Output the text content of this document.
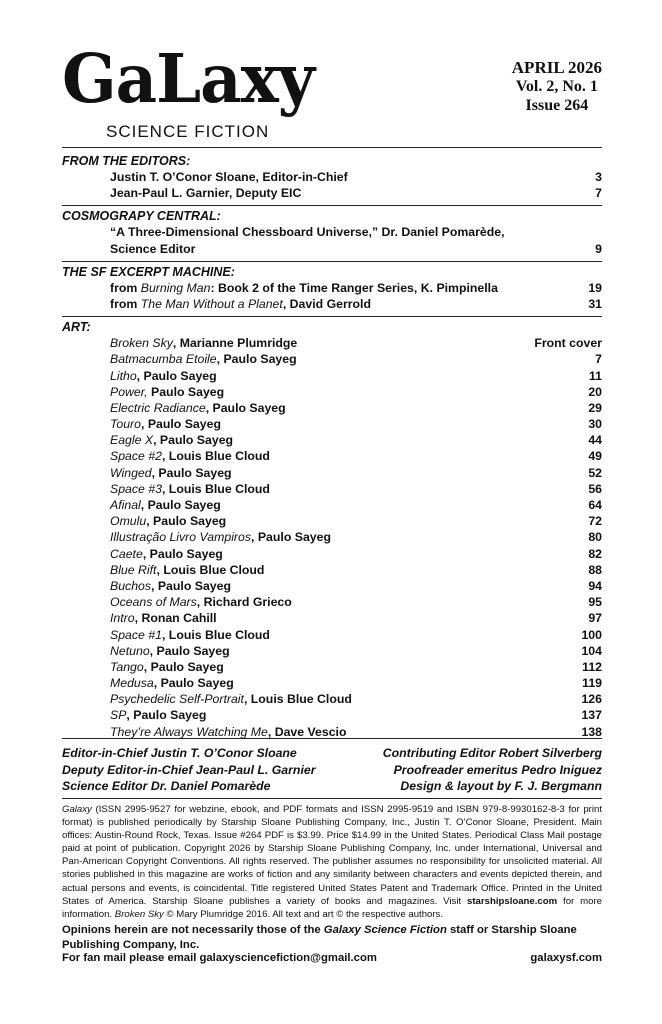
GaLaxy
SCIENCE FICTION
APRIL 2026
Vol. 2, No. 1
Issue 264
FROM THE EDITORS:
Justin T. O’Conor Sloane, Editor-in-Chief	3
Jean-Paul L. Garnier, Deputy EIC	7
COSMOGRAPY CENTRAL:
“A Three-Dimensional Chessboard Universe,” Dr. Daniel Pomarède,
Science Editor	9
THE SF EXCERPT MACHINE:
from Burning Man: Book 2 of the Time Ranger Series, K. Pimpinella	19
from The Man Without a Planet, David Gerrold	31
ART:
Broken Sky, Marianne Plumridge	Front cover
Batmacumba Etoile, Paulo Sayeg	7
Litho, Paulo Sayeg	11
Power, Paulo Sayeg	20
Electric Radiance, Paulo Sayeg	29
Touro, Paulo Sayeg	30
Eagle X, Paulo Sayeg	44
Space #2, Louis Blue Cloud	49
Winged, Paulo Sayeg	52
Space #3, Louis Blue Cloud	56
Afinal, Paulo Sayeg	64
Omulu, Paulo Sayeg	72
Illustração Livro Vampiros, Paulo Sayeg	80
Caete, Paulo Sayeg	82
Blue Rift, Louis Blue Cloud	88
Buchos, Paulo Sayeg	94
Oceans of Mars, Richard Grieco	95
Intro, Ronan Cahill	97
Space #1, Louis Blue Cloud	100
Netuno, Paulo Sayeg	104
Tango, Paulo Sayeg	112
Medusa, Paulo Sayeg	119
Psychedelic Self-Portrait, Louis Blue Cloud	126
SP, Paulo Sayeg	137
They’re Always Watching Me, Dave Vescio	138
Editor-in-Chief Justin T. O’Conor Sloane
Deputy Editor-in-Chief Jean-Paul L. Garnier
Science Editor Dr. Daniel Pomarède
Contributing Editor Robert Silverberg
Proofreader emeritus Pedro Iniguez
Design & layout by F. J. Bergmann
Galaxy (ISSN 2995-9527 for webzine, ebook, and PDF formats and ISSN 2995-9519 and ISBN 979-8-9930162-8-3 for print format) is published periodically by Starship Sloane Publishing Company, Inc., Justin T. O’Conor Sloane, President. Main offices: Austin-Round Rock, Texas. Issue #264 PDF is $3.99. Price $14.99 in the United States. Periodical Class Mail postage paid at point of publication. Copyright 2026 by Starship Sloane Publishing Company, Inc. under International, Universal and Pan-American Copyright Conventions. All rights reserved. The publisher assumes no responsibility for unsolicited material. All stories published in this magazine are works of fiction and any similarity between characters and events depicted therein, and actual persons and events, is coincidental. Title registered United States Patent and Trademark Office. Printed in the United States of America. Starship Sloane publishes a variety of books and magazines. Visit starshipsloane.com for more information. Broken Sky © Mary Plumridge 2016. All text and art © the respective authors.
Opinions herein are not necessarily those of the Galaxy Science Fiction staff or Starship Sloane Publishing Company, Inc.
For fan mail please email galaxysciencefiction@gmail.com	galaxysf.com
